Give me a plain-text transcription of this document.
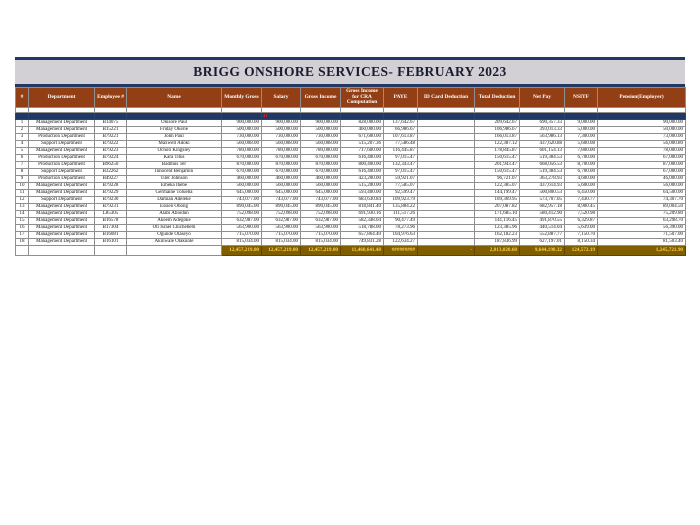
BRIGG ONSHORE SERVICES- FEBRUARY 2023
#	Department	Employee #	Name	Monthly Gross	Salary	Gross Income	Gross Income for CRA Computation	PAYE	ID Card Deduction	Total Deduction	Net Pay	NSITF	Pension(Employer)

					41								

1	Management Department	B14075	Onisore Paul	900,000.00	900,000.00	900,000.00	828,000.00	137,642.67		209,642.67	690,357.33	9,000.00	90,000.00
2	Management Department	B15221	Friday Okerie	500,000.00	500,000.00	500,000.00	460,000.00	66,986.67		106,986.67	393,013.33	5,000.00	50,000.00
3	Production Department	B79221	John Paul	730,000.00	730,000.00	730,000.00	671,600.00	107,613.87		166,013.87	563,986.13	7,300.00	73,000.00
4	Support Department	B79222	Maxwell Adoki	560,008.00	560,008.00	560,008.00	515,207.36	77,586.48		122,387.12	437,620.88	5,600.08	56,000.80
5	Management Department	B79223	Ocholi Kingsley	780,000.00	780,000.00	780,000.00	717,600.00	116,445.87		178,845.87	601,154.13	7,800.00	78,000.00
6	Production Department	B79224	Kara Titus	670,000.00	670,000.00	670,000.00	616,400.00	97,015.47		150,615.47	519,384.53	6,700.00	67,000.00
7	Production Department	B96250	Badmus Ter	870,000.00	870,000.00	870,000.00	800,400.00	132,343.47		201,943.47	668,056.53	8,700.00	87,000.00
8	Support Department	B32262	Innocent Benjamin	670,000.00	670,000.00	670,000.00	616,400.00	97,015.47		150,615.47	519,384.53	6,700.00	67,000.00
9	Production Department	B49227	Tiler Johnson	460,000.00	460,000.00	460,000.00	423,200.00	59,921.07		96,721.07	363,278.93	4,600.00	46,000.00
10	Management Department	B79228	Emeka Ihebe	560,000.00	560,000.00	560,000.00	515,200.00	77,585.07		122,385.07	437,614.93	5,600.00	56,000.00
11	Management Department	B79229	Germaine Tolueba	645,000.00	645,000.00	645,000.00	593,400.00	92,599.47		144,199.47	500,800.53	6,450.00	64,500.00
12	Support Department	B79230	Damian Adeleke	743,077.00	743,077.00	743,077.00	683,630.84	109,923.79		169,369.95	573,707.05	7,430.77	74,307.70
13	Management Department	B79231	Essien Obong	890,045.00	890,045.00	890,045.00	818,841.40	135,884.22		207,087.82	682,957.18	8,900.45	89,004.50
14	Management Department	L85305	Alabi Abiodun	752,098.00	752,098.00	752,098.00	691,930.16	111,517.26		171,685.10	580,412.90	7,520.98	75,209.80
15	Management Department	B16578	Akeem Adegoke	632,987.00	632,987.00	632,987.00	582,348.04	90,477.49		141,116.45	491,870.55	6,329.87	63,298.70
16	Management Department	B17304	Oti Israel Chichebem	563,900.00	563,900.00	563,900.00	518,788.00	78,273.96		123,385.96	440,514.04	5,639.00	56,390.00
17	Management Department	B16081	Ogunde Olaseyo	715,070.00	715,070.00	715,070.00	657,864.40	104,976.63		162,182.23	552,887.77	7,150.70	71,507.00
18	Management Department	B16101	Akinwale Olakunle	815,034.00	815,034.00	815,034.00	749,831.28	122,634.27		187,836.99	627,197.01	8,150.34	81,503.40
				12,457,219.00	12,457,219.00	12,457,219.00	11,460,641.48	#########	-	2,813,020.68	9,644,198.32	124,572.19	1,245,721.90
